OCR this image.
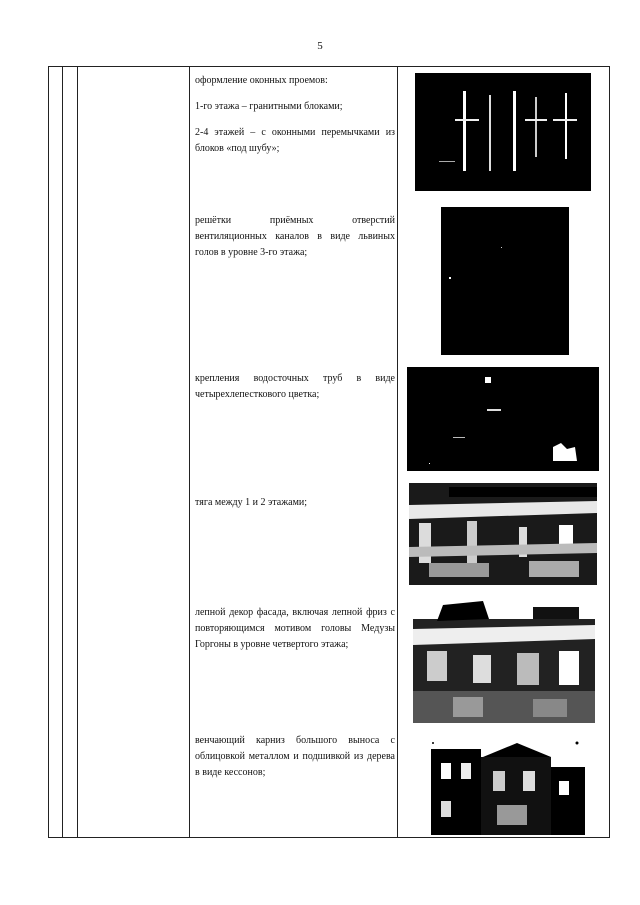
5

оформление оконных проемов:

1-го этажа – гранитными блоками;

2-4 этажей – с оконными перемычками из блоков «под шубу»;

решётки приёмных отверстий вентиляционных каналов в виде львиных голов в уровне 3-го этажа;

крепления водосточных труб в виде четырехлепесткового цветка;

тяга между 1 и 2 этажами;

лепной декор фасада, включая лепной фриз с повторяющимся мотивом головы Медузы Горгоны в уровне четвертого этажа;

венчающий карниз большого выноса с облицовкой металлом и подшивкой из дерева в виде кессонов;
